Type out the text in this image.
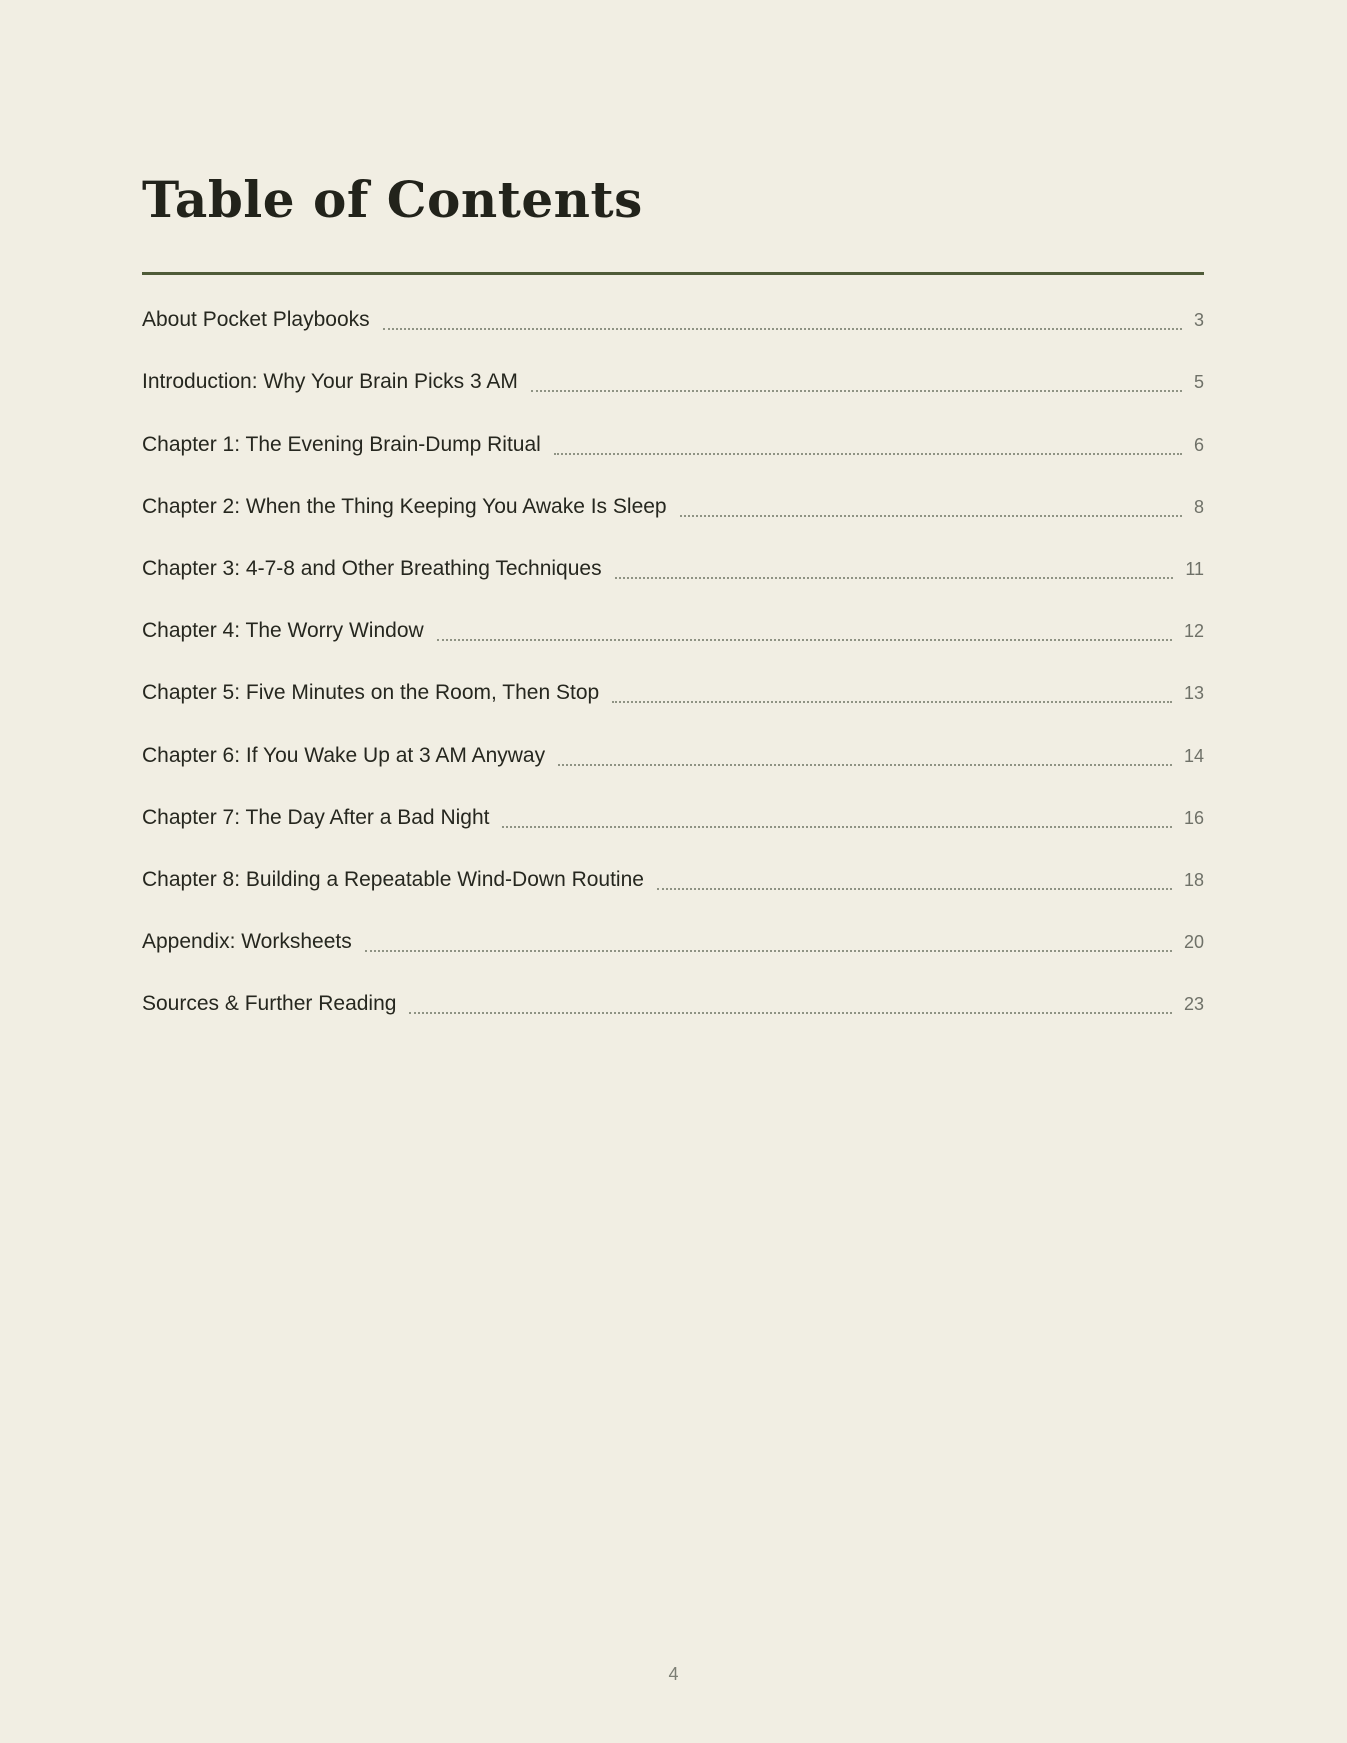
Table of Contents
About Pocket Playbooks	3
Introduction: Why Your Brain Picks 3 AM	5
Chapter 1: The Evening Brain-Dump Ritual	6
Chapter 2: When the Thing Keeping You Awake Is Sleep	8
Chapter 3: 4-7-8 and Other Breathing Techniques	11
Chapter 4: The Worry Window	12
Chapter 5: Five Minutes on the Room, Then Stop	13
Chapter 6: If You Wake Up at 3 AM Anyway	14
Chapter 7: The Day After a Bad Night	16
Chapter 8: Building a Repeatable Wind-Down Routine	18
Appendix: Worksheets	20
Sources & Further Reading	23
4
